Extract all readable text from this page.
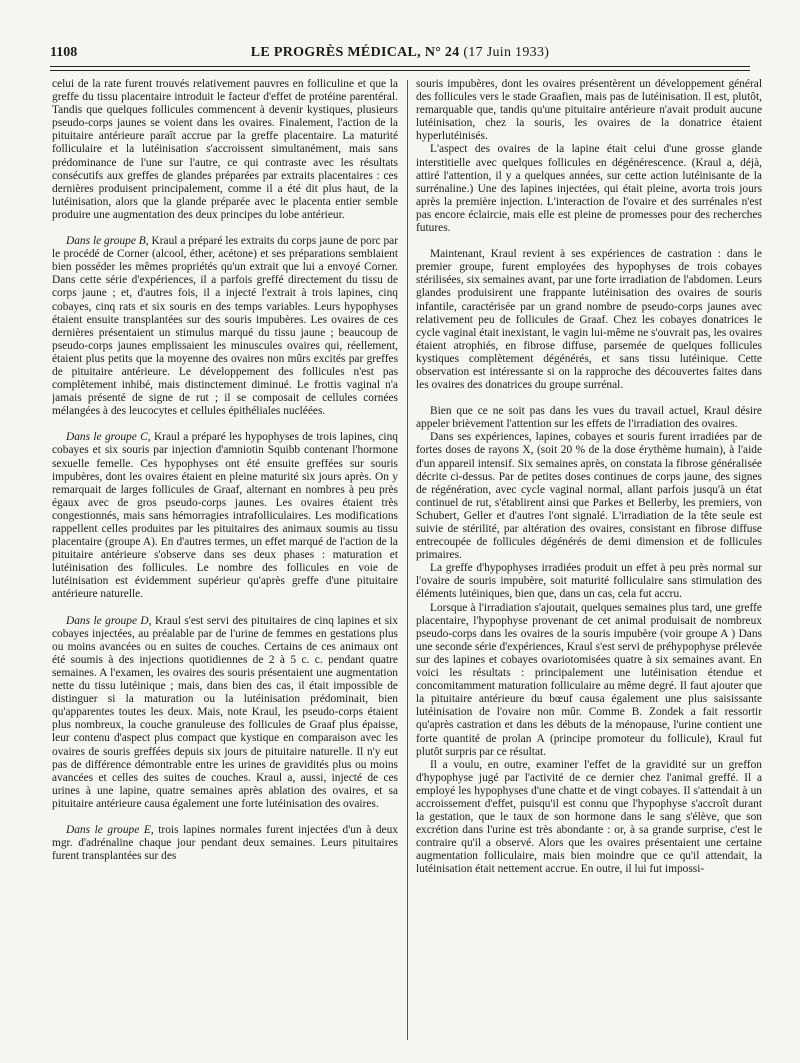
1108	LE PROGRÈS MÉDICAL, N° 24 (17 Juin 1933)

celui de la rate furent trouvés relativement pauvres en folliculine et que la greffe du tissu placentaire introduit le facteur d'effet de protéine parentéral. Tandis que quelques follicules commencent à devenir kystiques, plusieurs pseudo-corps jaunes se voient dans les ovaires. Finalement, l'action de la pituitaire antérieure paraît accrue par la greffe placentaire. La maturité folliculaire et la lutéinisation s'accroissent simultanément, mais sans prédominance de l'une sur l'autre, ce qui contraste avec les résultats consécutifs aux greffes de glandes préparées par extraits placentaires : ces dernières produisent principalement, comme il a été dit plus haut, de la lutéinisation, alors que la glande préparée avec le placenta entier semble produire une augmentation des deux principes du lobe antérieur.

Dans le groupe B, Kraul a préparé les extraits du corps jaune de porc par le procédé de Corner (alcool, éther, acétone) et ses préparations semblaient bien posséder les mêmes propriétés qu'un extrait que lui a envoyé Corner. Dans cette série d'expériences, il a parfois greffé directement du tissu de corps jaune ; et, d'autres fois, il a injecté l'extrait à trois lapines, cinq cobayes, cinq rats et six souris en des temps variables. Leurs hypophyses étaient ensuite transplantées sur des souris impubères. Les ovaires de ces dernières présentaient un stimulus marqué du tissu jaune ; beaucoup de pseudo-corps jaunes emplissaient les minuscules ovaires qui, réellement, étaient plus petits que la moyenne des ovaires non mûrs excités par greffes de pituitaire antérieure. Le développement des follicules n'est pas complètement inhibé, mais distinctement diminué. Le frottis vaginal n'a jamais présenté de signe de rut ; il se composait de cellules cornées mélangées à des leucocytes et cellules épithéliales nucléées.

Dans le groupe C, Kraul a préparé les hypophyses de trois lapines, cinq cobayes et six souris par injection d'amniotin Squibb contenant l'hormone sexuelle femelle. Ces hypophyses ont été ensuite greffées sur souris impubères, dont les ovaires étaient en pleine maturité six jours après. On y remarquait de larges follicules de Graaf, alternant en nombres à peu près égaux avec de gros pseudo-corps jaunes. Les ovaires étaient très congestionnés, mais sans hémorragies intrafolliculaires. Les modifications rappellent celles produites par les pituitaires des animaux soumis au tissu placentaire (groupe A). En d'autres termes, un effet marqué de l'action de la pituitaire antérieure s'observe dans ses deux phases : maturation et lutéinisation des follicules. Le nombre des follicules en voie de lutéinisation est évidemment supérieur qu'après greffe d'une pituitaire antérieure naturelle.

Dans le groupe D, Kraul s'est servi des pituitaires de cinq lapines et six cobayes injectées, au préalable par de l'urine de femmes en gestations plus ou moins avancées ou en suites de couches. Certains de ces animaux ont été soumis à des injections quotidiennes de 2 à 5 c. c. pendant quatre semaines. A l'examen, les ovaires des souris présentaient une augmentation nette du tissu lutéinique ; mais, dans bien des cas, il était impossible de distinguer si la maturation ou la lutéinisation prédominait, bien qu'apparentes toutes les deux. Mais, note Kraul, les pseudo-corps étaient plus nombreux, la couche granuleuse des follicules de Graaf plus épaisse, leur contenu d'aspect plus compact que kystique en comparaison avec les ovaires de souris greffées depuis six jours de pituitaire naturelle. Il n'y eut pas de différence démontrable entre les urines de gravidités plus ou moins avancées et celles des suites de couches. Kraul a, aussi, injecté de ces urines à une lapine, quatre semaines après ablation des ovaires, et sa pituitaire antérieure causa également une forte lutéinisation des ovaires.

Dans le groupe E, trois lapines normales furent injectées d'un à deux mgr. d'adrénaline chaque jour pendant deux semaines. Leurs pituitaires furent transplantées sur des

souris impubères, dont les ovaires présentèrent un développement général des follicules vers le stade Graafien, mais pas de lutéinisation. Il est, plutôt, remarquable que, tandis qu'une pituitaire antérieure n'avait produit aucune lutéinisation, chez la souris, les ovaires de la donatrice étaient hyperlutéinisés.

L'aspect des ovaires de la lapine était celui d'une grosse glande interstitielle avec quelques follicules en dégénérescence. (Kraul a, déjà, attiré l'attention, il y a quelques années, sur cette action lutéinisante de la surrénaline.) Une des lapines injectées, qui était pleine, avorta trois jours après la première injection. L'interaction de l'ovaire et des surrénales n'est pas encore éclaircie, mais elle est pleine de promesses pour des recherches futures.

Maintenant, Kraul revient à ses expériences de castration : dans le premier groupe, furent employées des hypophyses de trois cobayes stérilisées, six semaines avant, par une forte irradiation de l'abdomen. Leurs glandes produisirent une frappante lutéinisation des ovaires de souris infantile, caractérisée par un grand nombre de pseudo-corps jaunes avec relativement peu de follicules de Graaf. Chez les cobayes donatrices le cycle vaginal était inexistant, le vagin lui-même ne s'ouvrait pas, les ovaires étaient atrophiés, en fibrose diffuse, parsemée de quelques follicules kystiques complètement dégénérés, et sans tissu lutéinique. Cette observation est intéressante si on la rapproche des découvertes faites dans les ovaires des donatrices du groupe surrénal.

Bien que ce ne soit pas dans les vues du travail actuel, Kraul désire appeler brièvement l'attention sur les effets de l'irradiation des ovaires.

Dans ses expériences, lapines, cobayes et souris furent irradiées par de fortes doses de rayons X, (soit 20 % de la dose érythème humain), à l'aide d'un appareil intensif. Six semaines après, on constata la fibrose généralisée décrite ci-dessus. Par de petites doses continues de corps jaune, des signes de régénération, avec cycle vaginal normal, allant parfois jusqu'à un état continuel de rut, s'établirent ainsi que Parkes et Bellerby, les premiers, von Schubert, Geller et d'autres l'ont signalé. L'irradiation de la tête seule est suivie de stérilité, par altération des ovaires, consistant en fibrose diffuse entrecoupée de follicules dégénérés de demi dimension et de follicules primaires.

La greffe d'hypophyses irradiées produit un effet à peu près normal sur l'ovaire de souris impubère, soit maturité folliculaire sans stimulation des éléments lutéiniques, bien que, dans un cas, cela fut accru.

Lorsque à l'irradiation s'ajoutait, quelques semaines plus tard, une greffe placentaire, l'hypophyse provenant de cet animal produisait de nombreux pseudo-corps dans les ovaires de la souris impubère (voir groupe A ) Dans une seconde série d'expériences, Kraul s'est servi de préhypophyse prélevée sur des lapines et cobayes ovariotomisées quatre à six semaines avant. En voici les résultats : principalement une lutéinisation étendue et concomitamment maturation folliculaire au même degré. Il faut ajouter que la pituitaire antérieure du bœuf causa également une plus saisissante lutéinisation de l'ovaire non mûr. Comme B. Zondek a fait ressortir qu'après castration et dans les débuts de la ménopause, l'urine contient une forte quantité de prolan A (principe promoteur du follicule), Kraul fut plutôt surpris par ce résultat.

Il a voulu, en outre, examiner l'effet de la gravidité sur un greffon d'hypophyse jugé par l'activité de ce dernier chez l'animal greffé. Il a employé les hypophyses d'une chatte et de vingt cobayes. Il s'attendait à un accroissement d'effet, puisqu'il est connu que l'hypophyse s'accroît durant la gestation, que le taux de son hormone dans le sang s'élève, que son excrétion dans l'urine est très abondante : or, à sa grande surprise, c'est le contraire qu'il a observé. Alors que les ovaires présentaient une certaine augmentation folliculaire, mais bien moindre que ce qu'il attendait, la lutéinisation était nettement accrue. En outre, il lui fut impossi-
